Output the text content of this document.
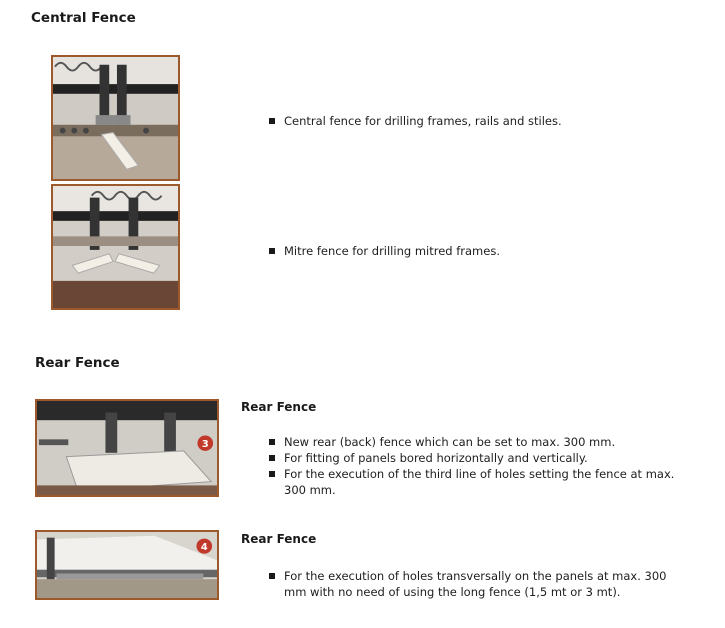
Central Fence
Central fence for drilling frames, rails and stiles.
Mitre fence for drilling mitred frames.
Rear Fence
3
Rear Fence
New rear (back) fence which can be set to max. 300 mm.
For fitting of panels bored horizontally and vertically.
For the execution of the third line of holes setting the fence at max. 300 mm.
4
Rear Fence
For the execution of holes transversally on the panels at max. 300 mm with no need of using the long fence (1,5 mt or 3 mt).
